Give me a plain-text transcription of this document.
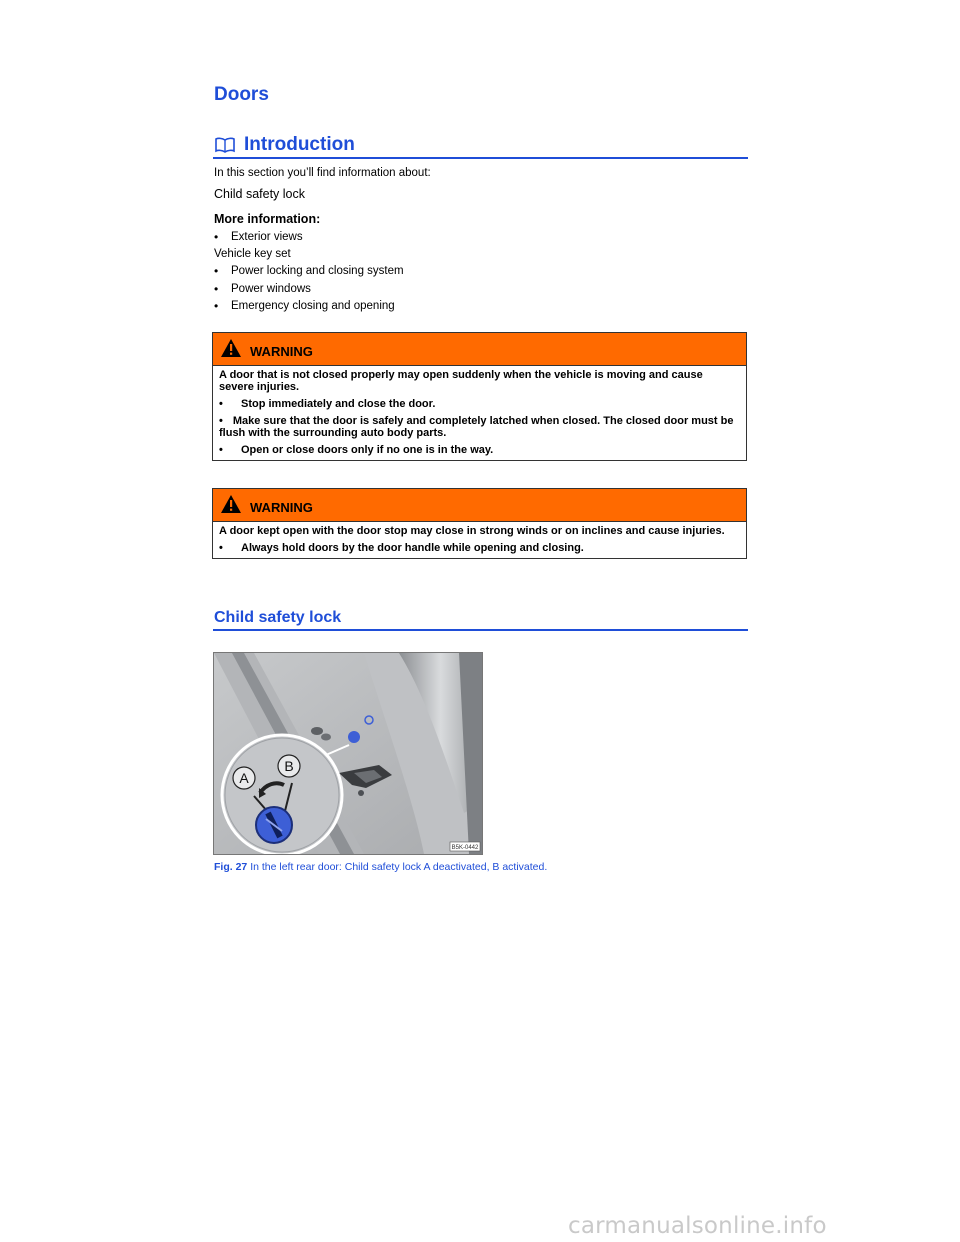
Doors
Introduction
In this section you’ll find information about:
Child safety lock
More information:
• Exterior views
Vehicle key set
• Power locking and closing system
• Power windows
• Emergency closing and opening
WARNING

A door that is not closed properly may open suddenly when the vehicle is moving and cause severe injuries.

• Stop immediately and close the door.
• Make sure that the door is safely and completely latched when closed. The closed door must be flush with the surrounding auto body parts.
• Open or close doors only if no one is in the way.
WARNING

A door kept open with the door stop may close in strong winds or on inclines and cause injuries.

• Always hold doors by the door handle while opening and closing.
Child safety lock
A
B
B5K-0442
Fig. 27 In the left rear door: Child safety lock A deactivated, B activated.
carmanualsonline.info
